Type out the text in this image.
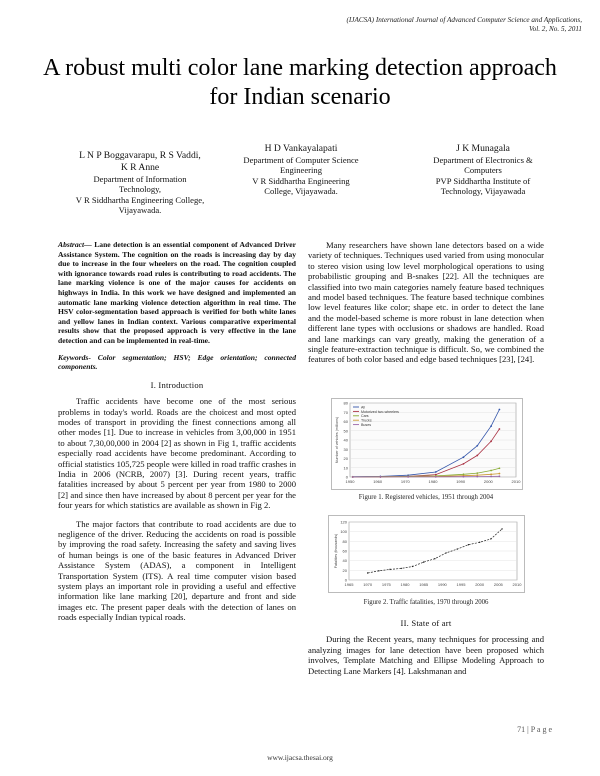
(IJACSA) International Journal of Advanced Computer Science and Applications,
Vol. 2, No. 5, 2011
A robust multi color lane marking detection approach
for Indian scenario
L N P Boggavarapu, R S Vaddi,
K R Anne
Department of Information
Technology,
V R Siddhartha Engineering College,
Vijayawada.
H D Vankayalapati
Department of Computer Science
Engineering
V R Siddhartha Engineering
College, Vijayawada.
J K Munagala
Department of Electronics &
Computers
PVP Siddhartha Institute of
Technology, Vijayawada
Abstract— Lane detection is an essential component of Advanced Driver Assistance System. The cognition on the roads is increasing day by day due to increase in the four wheelers on the road. The cognition coupled with ignorance towards road rules is contributing to road accidents. The lane marking violence is one of the major causes for accidents on highways in India. In this work we have designed and implemented an automatic lane marking violence detection algorithm in real time. The HSV color-segmentation based approach is verified for both white lanes and yellow lanes in Indian context. Various comparative experimental results show that the proposed approach is very effective in the lane detection and can be implemented in real-time.
Keywords- Color segmentation; HSV; Edge orientation; connected components.
I. Introduction

Traffic accidents have become one of the most serious problems in today's world. Roads are the choicest and most opted modes of transport in providing the finest connections among all other modes [1]. Due to increase in vehicles from 3,00,000 in 1951 to about 7,30,00,000 in 2004 [2] as shown in Fig 1, traffic accidents especially road accidents have become predominant. According to official statistics 105,725 people were killed in road traffic crashes in India in 2006 (NCRB, 2007) [3]. During recent years, traffic fatalities increased by about 5 percent per year from 1980 to 2000 [2] and since then have increased by about 8 percent per year for the four years for which statistics are available as shown in Fig 2.

The major factors that contribute to road accidents are due to negligence of the driver. Reducing the accidents on road is possible by improving the road safety. Increasing the safety and saving lives of human beings is one of the basic features in Advanced Driver Assistance System (ADAS), a component in Intelligent Transportation System (ITS). A real time computer vision based system plays an important role in providing a useful and effective information like lane marking [20], departure and front and side images etc. The present paper deals with the detection of lanes on roads especially Indian typical roads.

Many researchers have shown lane detectors based on a wide variety of techniques. Techniques used varied from using monocular to stereo vision using low level morphological operations to using probabilistic grouping and B-snakes [22]. All the techniques are classified into two main categories namely feature based techniques and model based techniques. The feature based technique combines low level features like color; shape etc. in order to detect the lane and the model-based scheme is more robust in lane detection when different lane types with occlusions or shadows are handled. Road and lane markings can vary greatly, making the generation of a single feature-extraction technique is difficult. So, we combined the features of both color based and edge based techniques [23], [24].

0
10
20
30
40
50
60
70
80
1950	1960	1970	1980	1990	2000	2010
Number of vehicles (millions)
All
Motorized two-wheelers
Cars
Trucks
Buses
Figure 1. Registered vehicles, 1951 through 2004
0
20
40
60
80
100
120
1965 1970 1975 1980 1985 1990 1995 2000 2005 2010
Fatalities (thousands)
Figure 2. Traffic fatalities, 1970 through 2006
II. State of art

During the Recent years, many techniques for processing and analyzing images for lane detection have been proposed which involves, Template Matching and Ellipse Modeling Approach to Detecting Lane Markers [4]. Lakshmanan and

71 | P a g e
www.ijacsa.thesai.org
